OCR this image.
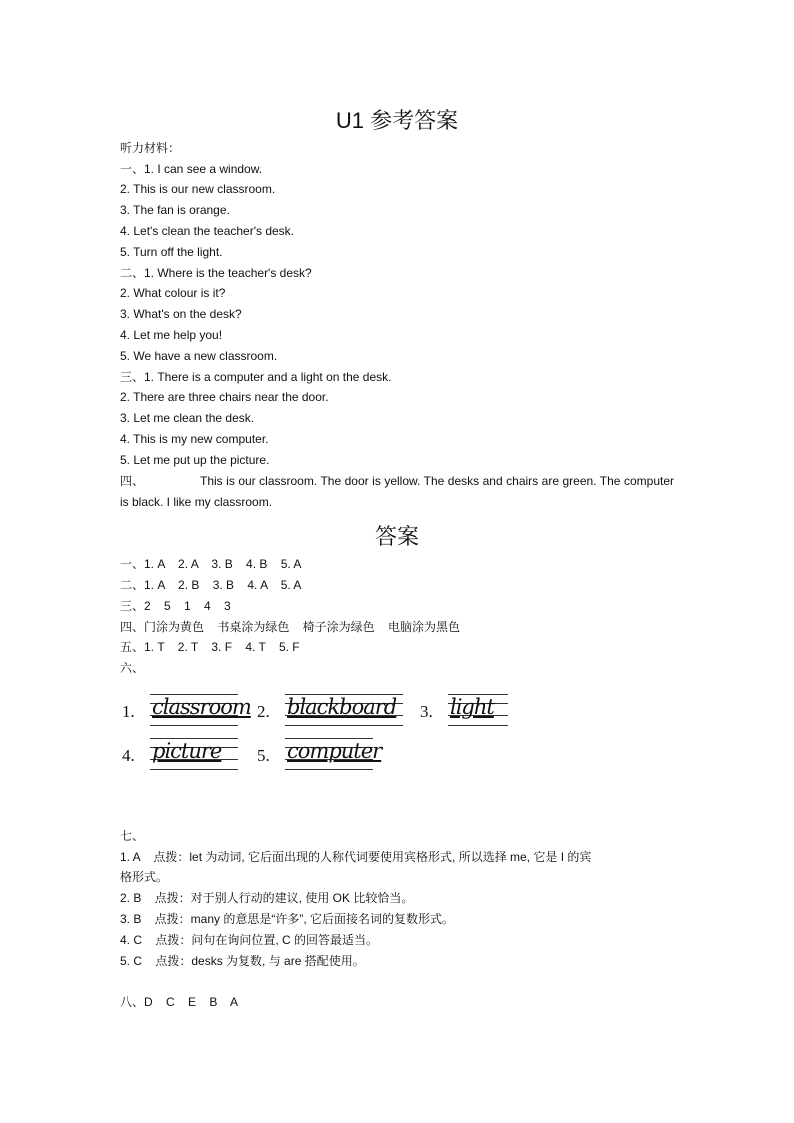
U1 参考答案
听力材料：
一、1. I can see a window.
2. This is our new classroom.
3. The fan is orange.
4. Let's clean the teacher's desk.
5. Turn off the light.
二、1. Where is the teacher's desk?
2. What colour is it?
3. What's on the desk?
4. Let me help you!
5. We have a new classroom.
三、1. There is a computer and a light on the desk.
2. There are three chairs near the door.
3. Let me clean the desk.
4. This is my new computer.
5. Let me put up the picture.
四、	This is our classroom. The door is yellow. The desks and chairs are green. The computer is black. I like my classroom.
答案
一、1. A    2. A    3. B    4. B    5. A
二、1. A    2. B    3. B    4. A    5. A
三、2    5    1    4    3
四、门涂为黄色    书桌涂为绿色    椅子涂为绿色    电脑涂为黑色
五、1. T    2. T    3. F    4. T    5. F
六、
1. classroom 2. blackboard 3. light
4. picture 5. computer
七、
1. A    点拨：let 为动词, 它后面出现的人称代词要使用宾格形式, 所以选择 me, 它是 I 的宾
格形式。
2. B    点拨：对于别人行动的建议, 使用 OK 比较恰当。
3. B    点拨：many 的意思是“许多”, 它后面接名词的复数形式。
4. C    点拨：问句在询问位置, C 的回答最适当。
5. C    点拨：desks 为复数, 与 are 搭配使用。
八、D    C    E    B    A
